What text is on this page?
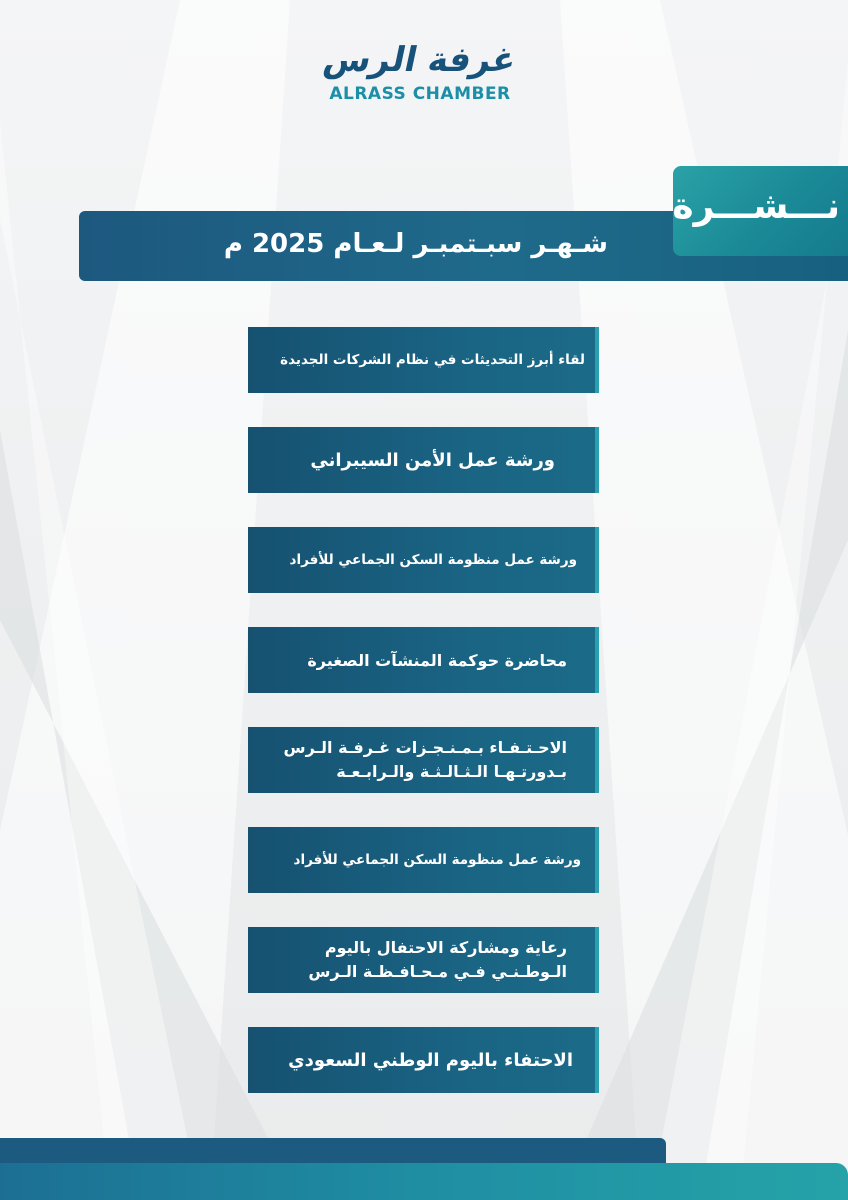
غرفة الرس
ALRASS CHAMBER
شـهـر سبـتمبـر لـعـام 2025 م
نـــشـــرة
لقاء أبرز التحديثات في نظام الشركات الجديدة
ورشة عمل الأمن السيبراني
ورشة عمل منظومة السكن الجماعي للأفراد
محاضرة حوكمة المنشآت الصغيرة
الاحـتـفـاء بـمـنـجـزات غـرفـة الـرس
بـدورتـهـا الـثـالـثـة والـرابـعـة
ورشة عمل منظومة السكن الجماعي للأفراد
رعاية ومشاركة الاحتفال باليوم
الـوطـنـي فـي مـحـافـظـة الـرس
الاحتفاء باليوم الوطني السعودي
